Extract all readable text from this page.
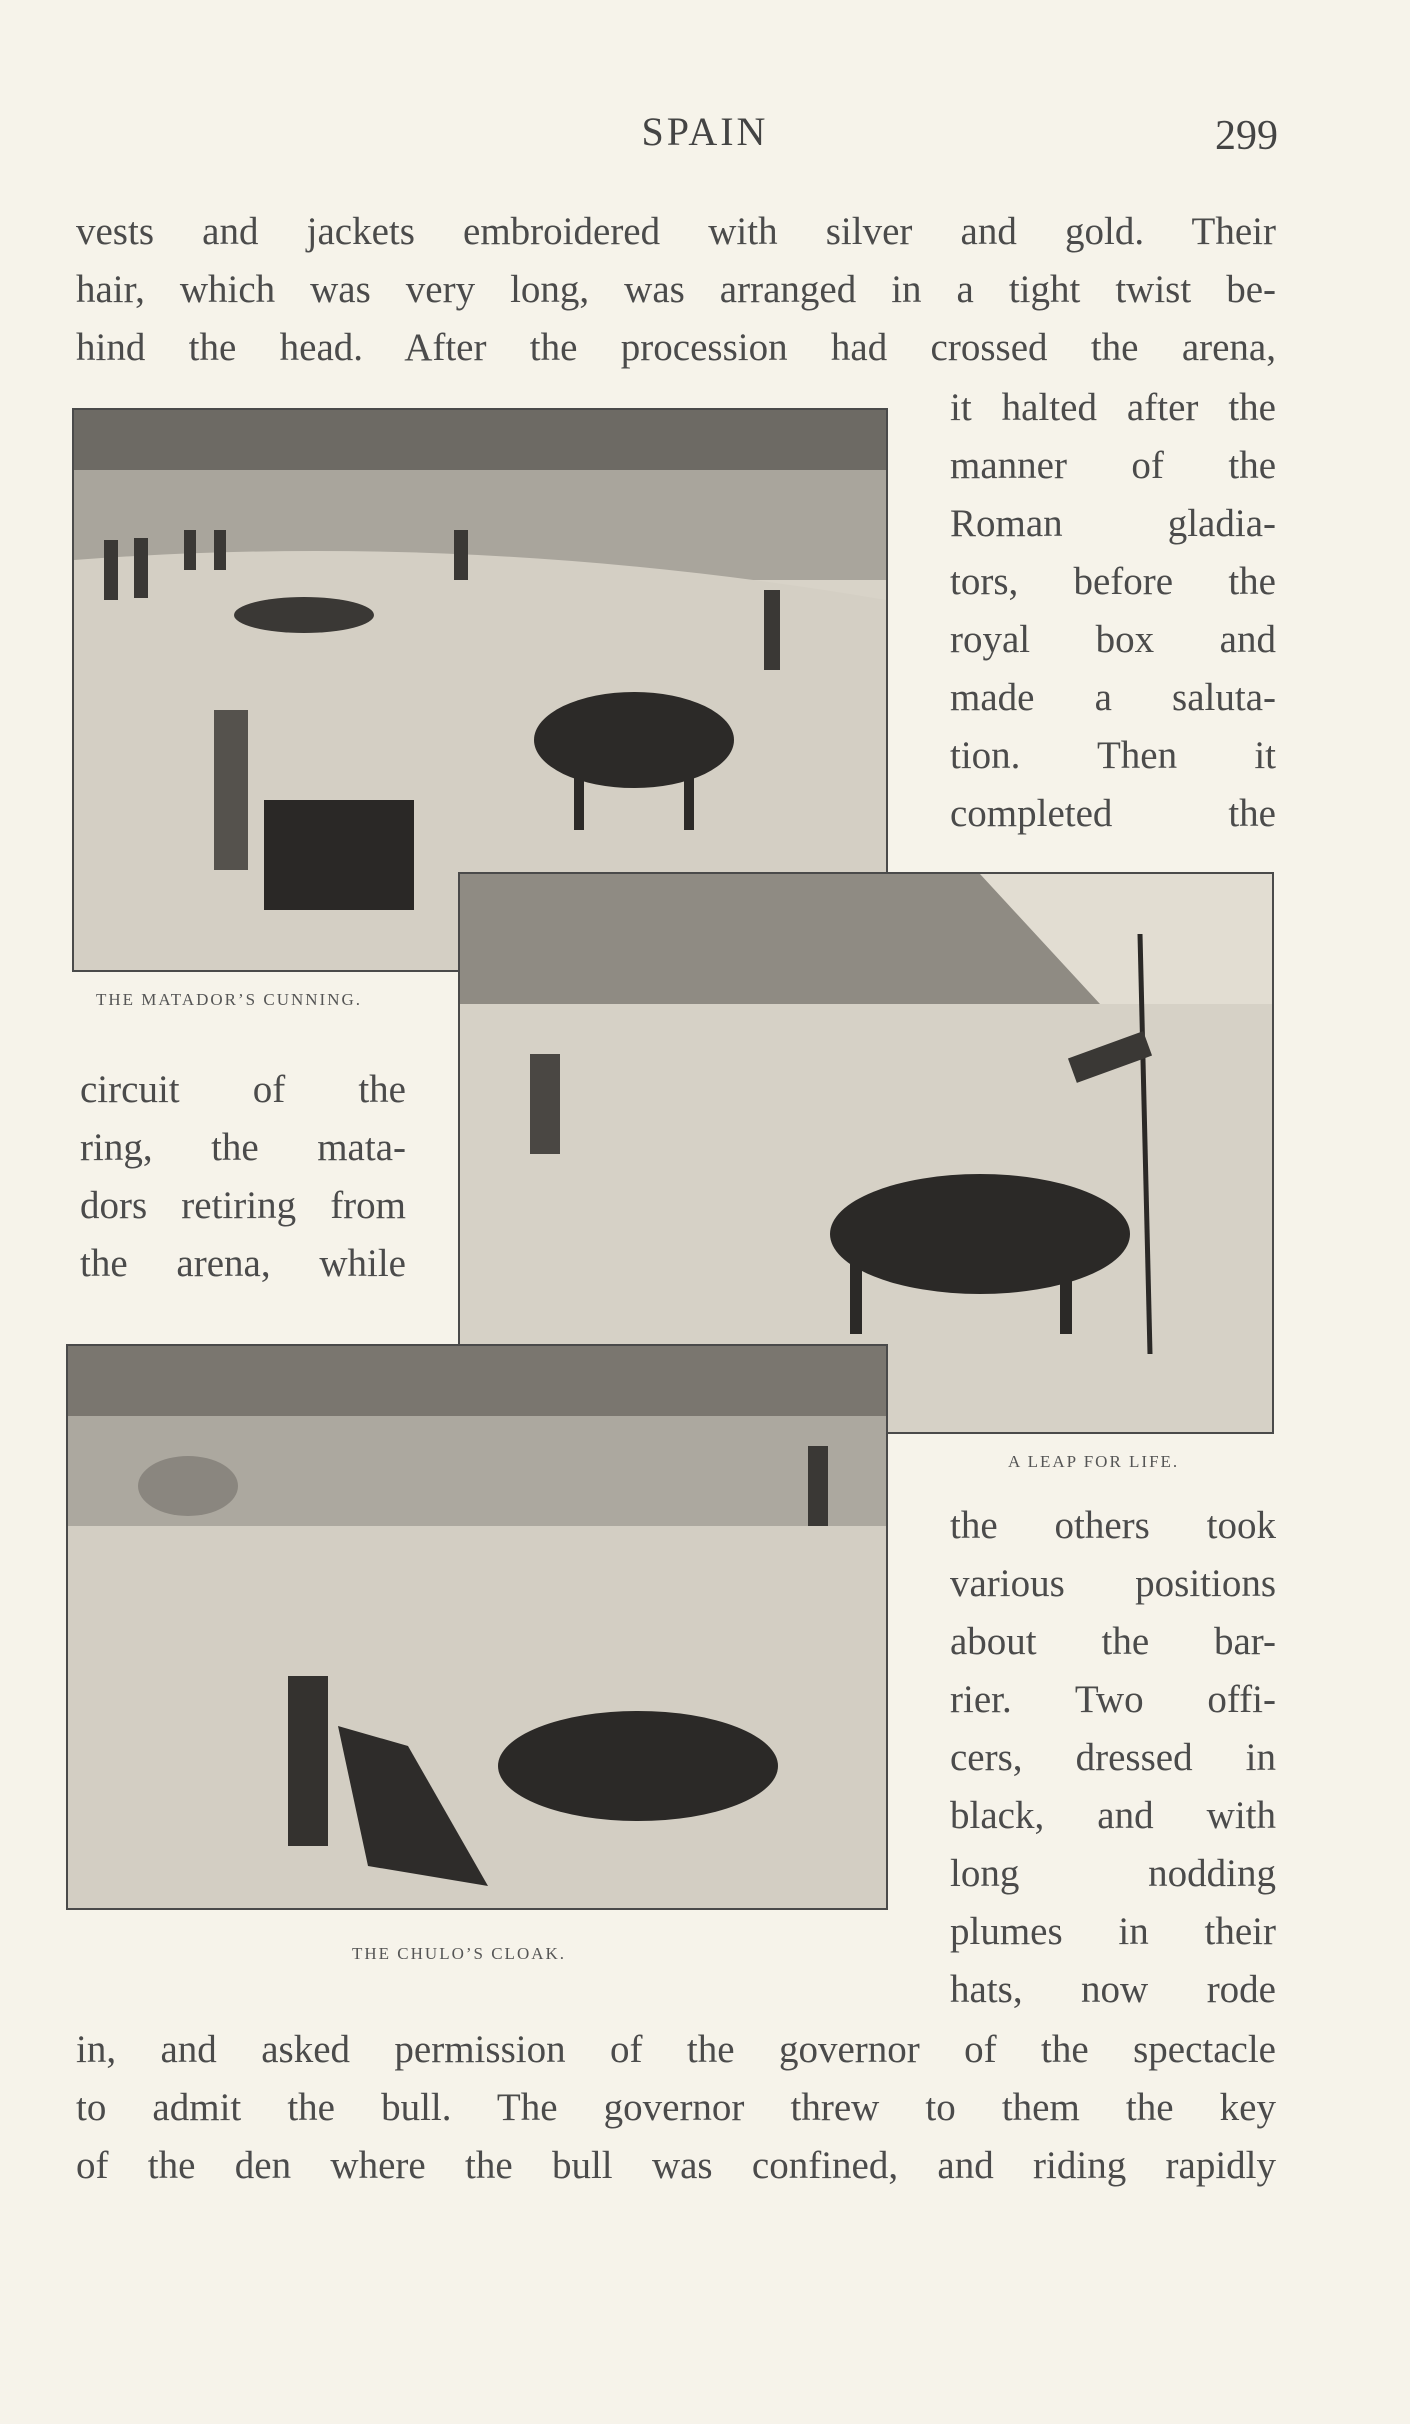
SPAIN	299
vests and jackets embroidered with silver and gold. Their
hair, which was very long, was arranged in a tight twist be-
hind the head. After the procession had crossed the arena,
it halted after the
manner of the
Roman gladia-
tors, before the
royal box and
made a saluta-
tion. Then it
completed the
THE MATADOR’S CUNNING.
circuit of the
ring, the mata-
dors retiring from
the arena, while
A LEAP FOR LIFE.
THE CHULO’S CLOAK.
the others took
various positions
about the bar-
rier. Two offi-
cers, dressed in
black, and with
long nodding
plumes in their
hats, now rode
in, and asked permission of the governor of the spectacle
to admit the bull. The governor threw to them the key
of the den where the bull was confined, and riding rapidly
